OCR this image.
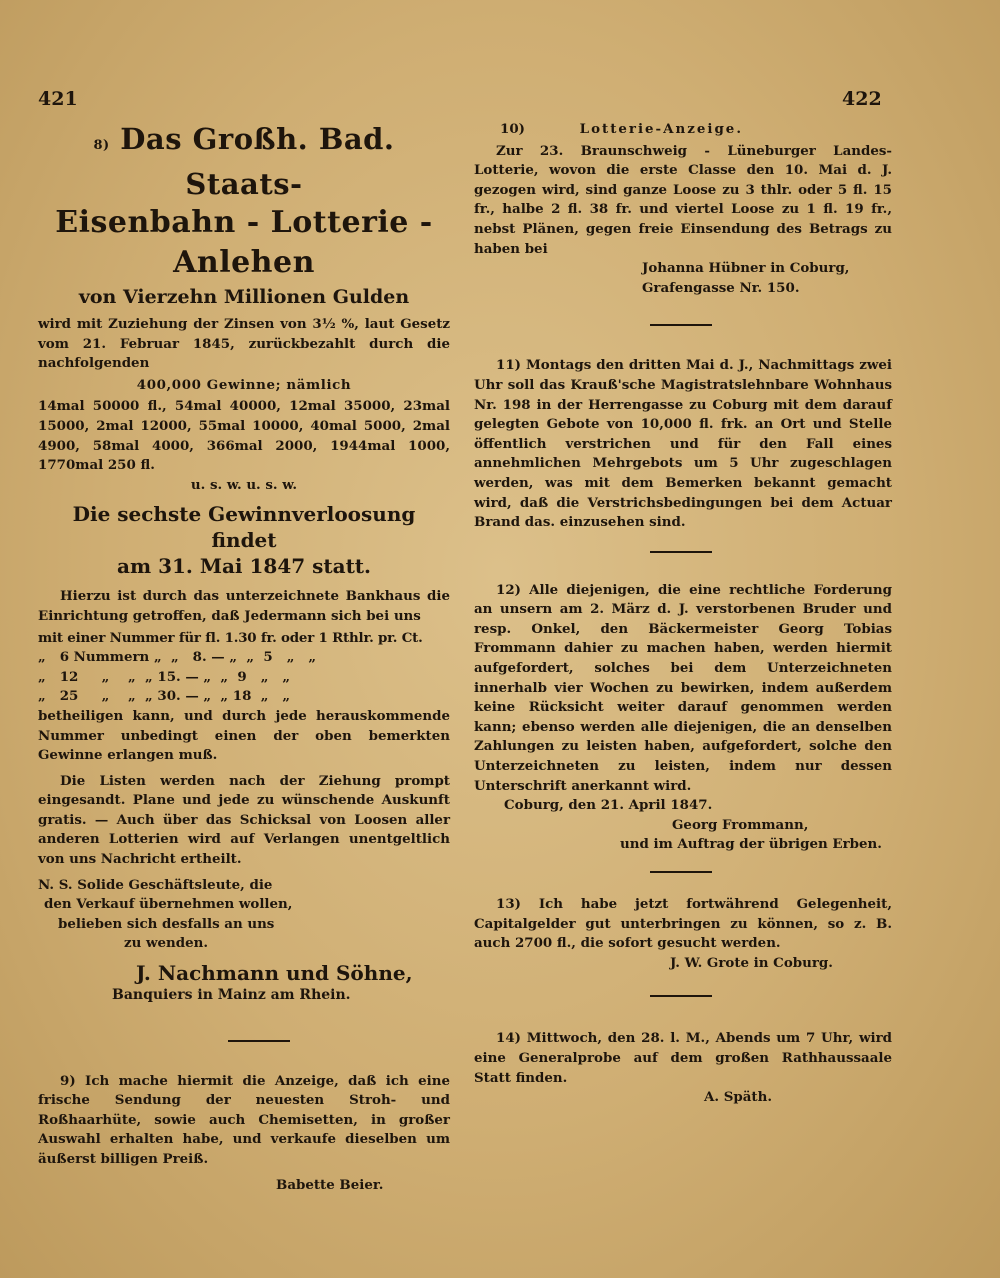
421	422
8) Das Großh. Bad. Staats-
Eisenbahn - Lotterie - Anlehen
von Vierzehn Millionen Gulden

wird mit Zuziehung der Zinsen von 3½ %, laut Gesetz vom 21. Februar 1845, zurückbezahlt durch die nachfolgenden

400,000 Gewinne; nämlich

14mal 50000 fl., 54mal 40000, 12mal 35000, 23mal 15000, 2mal 12000, 55mal 10000, 40mal 5000, 2mal 4900, 58mal 4000, 366mal 2000, 1944mal 1000, 1770mal 250 fl.

u. s. w. u. s. w.

Die sechste Gewinnverloosung findet
am 31. Mai 1847 statt.

Hierzu ist durch das unterzeichnete Bankhaus die Einrichtung getroffen, daß Jedermann sich bei uns

mit einer Nummer für fl. 1.30 fr. oder 1 Rthlr. pr. Ct.

„   6 Nummern „  „   8. — „  „  5   „   „
„   12     „    „  „ 15. — „  „  9   „   „
„   25     „    „  „ 30. — „  „ 18  „   „

betheiligen kann, und durch jede herauskommende Nummer unbedingt einen der oben bemerkten Gewinne erlangen muß.

Die Listen werden nach der Ziehung prompt eingesandt. Plane und jede zu wünschende Auskunft gratis. — Auch über das Schicksal von Loosen aller anderen Lotterien wird auf Verlangen unentgeltlich von uns Nachricht ertheilt.

N. S. Solide Geschäftsleute, die
den Verkauf übernehmen wollen,
belieben sich desfalls an uns
zu wenden.
J. Nachmann und Söhne,
Banquiers in Mainz am Rhein.

9) Ich mache hiermit die Anzeige, daß ich eine frische Sendung der neuesten Stroh- und Roßhaarhüte, sowie auch Chemisetten, in großer Auswahl erhalten habe, und verkaufe dieselben um äußerst billigen Preiß.

Babette Beier.
10)	Lotterie-Anzeige.

Zur 23. Braunschweig - Lüneburger Landes-Lotterie, wovon die erste Classe den 10. Mai d. J. gezogen wird, sind ganze Loose zu 3 thlr. oder 5 fl. 15 fr., halbe 2 fl. 38 fr. und viertel Loose zu 1 fl. 19 fr., nebst Plänen, gegen freie Einsendung des Betrags zu haben bei

Johanna Hübner in Coburg,
Grafengasse Nr. 150.

11) Montags den dritten Mai d. J., Nachmittags zwei Uhr soll das Krauß'sche Magistratslehnbare Wohnhaus Nr. 198 in der Herrengasse zu Coburg mit dem darauf gelegten Gebote von 10,000 fl. frk. an Ort und Stelle öffentlich verstrichen und für den Fall eines annehmlichen Mehrgebots um 5 Uhr zugeschlagen werden, was mit dem Bemerken bekannt gemacht wird, daß die Verstrichsbedingungen bei dem Actuar Brand das. einzusehen sind.

12) Alle diejenigen, die eine rechtliche Forderung an unsern am 2. März d. J. verstorbenen Bruder und resp. Onkel, den Bäckermeister Georg Tobias Frommann dahier zu machen haben, werden hiermit aufgefordert, solches bei dem Unterzeichneten innerhalb vier Wochen zu bewirken, indem außerdem keine Rücksicht weiter darauf genommen werden kann; ebenso werden alle diejenigen, die an denselben Zahlungen zu leisten haben, aufgefordert, solche den Unterzeichneten zu leisten, indem nur dessen Unterschrift anerkannt wird.

Coburg, den 21. April 1847.
Georg Frommann,
und im Auftrag der übrigen Erben.

13) Ich habe jetzt fortwährend Gelegenheit, Capitalgelder gut unterbringen zu können, so z. B. auch 2700 fl., die sofort gesucht werden.

J. W. Grote in Coburg.

14) Mittwoch, den 28. l. M., Abends um 7 Uhr, wird eine Generalprobe auf dem großen Rathhaussaale Statt finden.

A. Späth.
